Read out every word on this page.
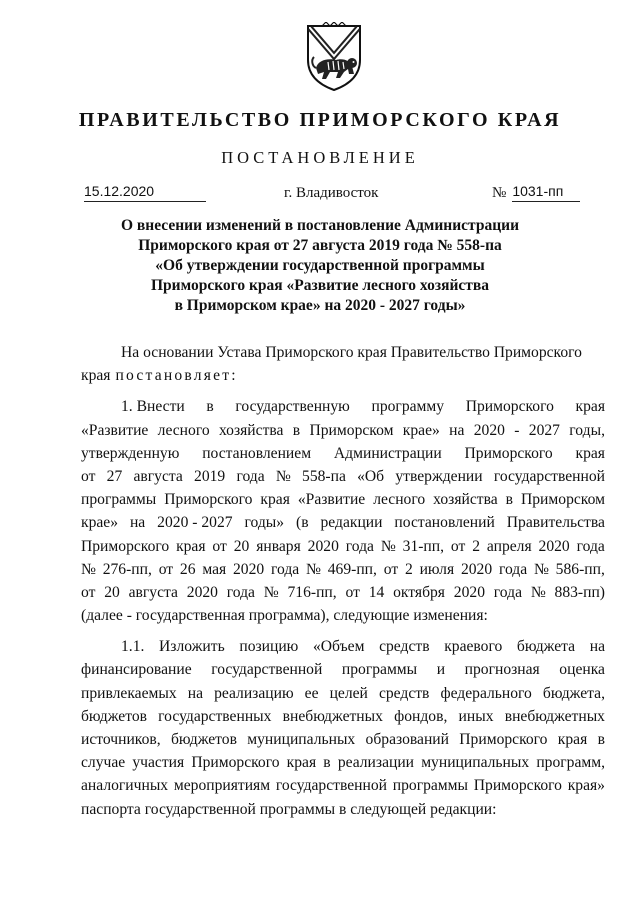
ПРАВИТЕЛЬСТВО ПРИМОРСКОГО КРАЯ
ПОСТАНОВЛЕНИЕ
15.12.2020	г. Владивосток	№ 1031-пп
О внесении изменений в постановление Администрации
Приморского края от 27 августа 2019 года № 558-па
«Об утверждении государственной программы
Приморского края «Развитие лесного хозяйства
в Приморском крае» на 2020 - 2027 годы»
На основании Устава Приморского края Правительство Приморского
края постановляет:
1. Внести в государственную программу Приморского края
«Развитие лесного хозяйства в Приморском крае» на 2020 - 2027 годы,
утвержденную постановлением Администрации Приморского края
от 27 августа 2019 года № 558-па «Об утверждении государственной
программы Приморского края «Развитие лесного хозяйства в Приморском
крае» на 2020 - 2027 годы» (в редакции постановлений Правительства
Приморского края от 20 января 2020 года № 31-пп, от 2 апреля 2020 года
№ 276-пп, от 26 мая 2020 года № 469-пп, от 2 июля 2020 года № 586-пп,
от 20 августа 2020 года № 716-пп, от 14 октября 2020 года № 883-пп)
(далее - государственная программа), следующие изменения:
1.1. Изложить позицию «Объем средств краевого бюджета на
финансирование государственной программы и прогнозная оценка
привлекаемых на реализацию ее целей средств федерального бюджета,
бюджетов государственных внебюджетных фондов, иных внебюджетных
источников, бюджетов муниципальных образований Приморского края в
случае участия Приморского края в реализации муниципальных программ,
аналогичных мероприятиям государственной программы Приморского края»
паспорта государственной программы в следующей редакции:
